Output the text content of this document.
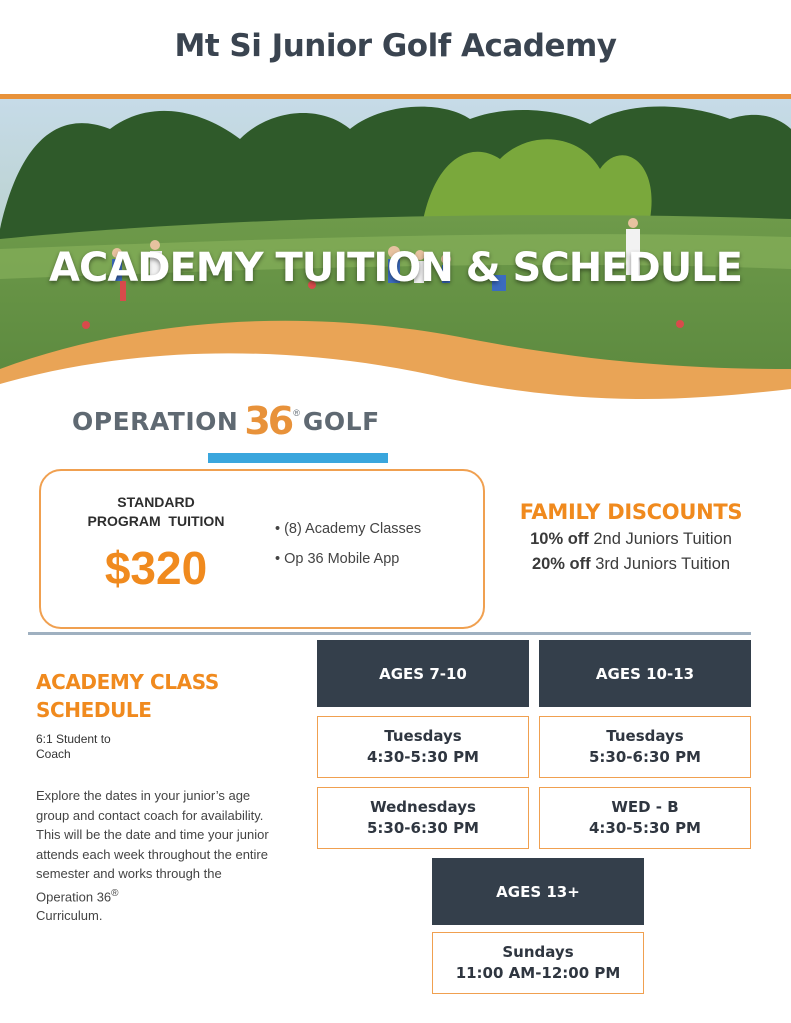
Mt Si Junior Golf Academy
ACADEMY TUITION & SCHEDULE
OPERATION 36 ® GOLF
STANDARD
PROGRAM  TUITION
$320
• (8) Academy Classes
• Op 36 Mobile App
FAMILY DISCOUNTS
10% off 2nd Juniors Tuition
20% off 3rd Juniors Tuition
ACADEMY CLASS
SCHEDULE
6:1 Student to
Coach
Explore the dates in your junior’s age group and contact coach for availability. This will be the date and time your junior attends each week throughout the entire semester and works through the Operation 36®
Curriculum.
AGES 7-10
Tuesdays
4:30-5:30 PM
Wednesdays
5:30-6:30 PM
AGES 10-13
Tuesdays
5:30-6:30 PM
WED - B
4:30-5:30 PM
AGES 13+
Sundays
11:00 AM-12:00 PM
